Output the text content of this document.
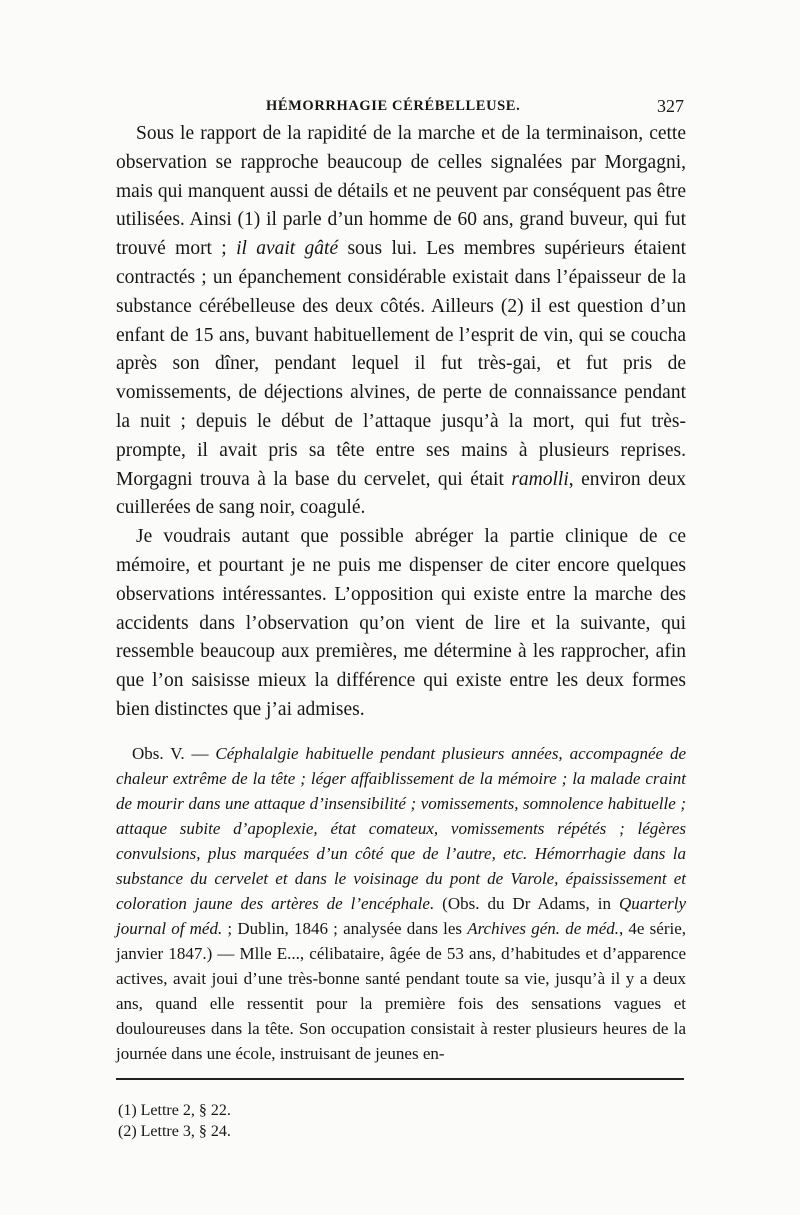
HÉMORRHAGIE CÉRÉBELLEUSE.	327

Sous le rapport de la rapidité de la marche et de la terminaison, cette observation se rapproche beaucoup de celles signalées par Morgagni, mais qui manquent aussi de détails et ne peuvent par conséquent pas être utilisées. Ainsi (1) il parle d’un homme de 60 ans, grand buveur, qui fut trouvé mort ; il avait gâté sous lui. Les membres supérieurs étaient contractés ; un épanchement considérable existait dans l’épaisseur de la substance cérébelleuse des deux côtés. Ailleurs (2) il est question d’un enfant de 15 ans, buvant habituellement de l’esprit de vin, qui se coucha après son dîner, pendant lequel il fut très-gai, et fut pris de vomissements, de déjections alvines, de perte de connaissance pendant la nuit ; depuis le début de l’attaque jusqu’à la mort, qui fut très-prompte, il avait pris sa tête entre ses mains à plusieurs reprises. Morgagni trouva à la base du cervelet, qui était ramolli, environ deux cuillerées de sang noir, coagulé.

Je voudrais autant que possible abréger la partie clinique de ce mémoire, et pourtant je ne puis me dispenser de citer encore quelques observations intéressantes. L’opposition qui existe entre la marche des accidents dans l’observation qu’on vient de lire et la suivante, qui ressemble beaucoup aux premières, me détermine à les rapprocher, afin que l’on saisisse mieux la différence qui existe entre les deux formes bien distinctes que j’ai admises.

Obs. V. — Céphalalgie habituelle pendant plusieurs années, accompagnée de chaleur extrême de la tête ; léger affaiblissement de la mémoire ; la malade craint de mourir dans une attaque d’insensibilité ; vomissements, somnolence habituelle ; attaque subite d’apoplexie, état comateux, vomissements répétés ; légères convulsions, plus marquées d’un côté que de l’autre, etc. Hémorrhagie dans la substance du cervelet et dans le voisinage du pont de Varole, épaississement et coloration jaune des artères de l’encéphale. (Obs. du Dr Adams, in Quarterly journal of méd. ; Dublin, 1846 ; analysée dans les Archives gén. de méd., 4e série, janvier 1847.) — Mlle E..., célibataire, âgée de 53 ans, d’habitudes et d’apparence actives, avait joui d’une très-bonne santé pendant toute sa vie, jusqu’à il y a deux ans, quand elle ressentit pour la première fois des sensations vagues et douloureuses dans la tête. Son occupation consistait à rester plusieurs heures de la journée dans une école, instruisant de jeunes en-

(1) Lettre 2, § 22.
(2) Lettre 3, § 24.
